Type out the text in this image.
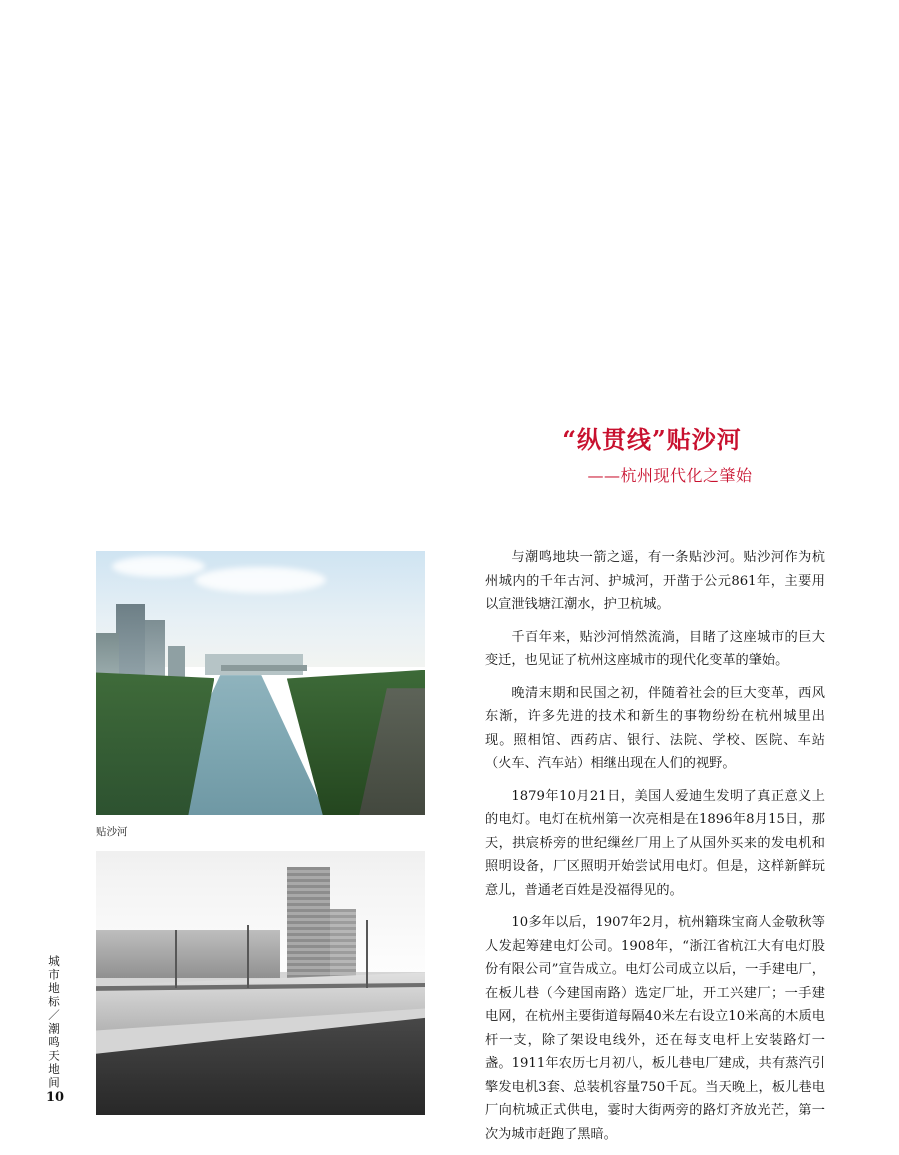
“纵贯线”贴沙河
——杭州现代化之肇始
贴沙河

与潮鸣地块一箭之遥，有一条贴沙河。贴沙河作为杭州城内的千年古河、护城河，开凿于公元861年，主要用以宣泄钱塘江潮水，护卫杭城。

千百年来，贴沙河悄然流淌，目睹了这座城市的巨大变迁，也见证了杭州这座城市的现代化变革的肇始。

晚清末期和民国之初，伴随着社会的巨大变革，西风东渐，许多先进的技术和新生的事物纷纷在杭州城里出现。照相馆、西药店、银行、法院、学校、医院、车站（火车、汽车站）相继出现在人们的视野。

1879年10月21日，美国人爱迪生发明了真正意义上的电灯。电灯在杭州第一次亮相是在1896年8月15日，那天，拱宸桥旁的世纪缫丝厂用上了从国外买来的发电机和照明设备，厂区照明开始尝试用电灯。但是，这样新鲜玩意儿，普通老百姓是没福得见的。

10多年以后，1907年2月，杭州籍珠宝商人金敬秋等人发起筹建电灯公司。1908年，“浙江省杭江大有电灯股份有限公司”宣告成立。电灯公司成立以后，一手建电厂，在板儿巷（今建国南路）选定厂址，开工兴建厂；一手建电网，在杭州主要街道每隔40米左右设立10米高的木质电杆一支，除了架设电线外，还在每支电杆上安装路灯一盏。1911年农历七月初八，板儿巷电厂建成，共有蒸汽引擎发电机3套、总装机容量750千瓦。当天晚上，板儿巷电厂向杭城正式供电，霎时大街两旁的路灯齐放光芒，第一次为城市赶跑了黑暗。

城市地标／潮鸣天地间
10
